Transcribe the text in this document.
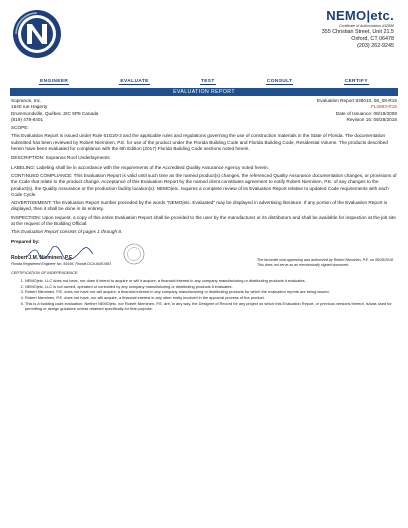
NEMO|etc.
Certificate of Authorization #32888
355 Christian Street, Unit 21.5
Oxford, CT 06478
(203) 262-9245
ENGINEER	EVALUATE	TEST	CONSULT	CERTIFY
EVALUATION REPORT
Sopranos, Inc.
1640 rue Hagerty
Drummondville, Québec J2C 5P8 Canada
(819) 478-8401
Evaluation Report 838010, 08_08-R15
FL2893-R15
Date of Issuance: 08/19/2008
Revision 15: 08/28/2018

SCOPE:

This Evaluation Report is issued under Rule 61G20-3 and the applicable rules and regulations governing the use of construction materials in the State of Florida. The documentation submitted has been reviewed by Robert Nieminen, P.E. for use of the product under the Florida Building Code and Florida Building Code, Residential Volume. The products described herein have been evaluated for compliance with the 6th Edition (2017) Florida Building Code sections noted herein.

DESCRIPTION: Sopranos Roof Underlayments

LABELING: Labeling shall be in accordance with the requirements of the Accredited Quality Assurance Agency noted herein.

CONTINUED COMPLIANCE: This Evaluation Report is valid until such time as the named product(s) changes, the referenced Quality Assurance documentation changes, or provisions of the Code that relate to the product change. Acceptance of this Evaluation Report by the named client constitutes agreement to notify Robert Nieminen, P.E. of any changes to the product(s), the Quality Assurance or the production facility location(s). NEMO|etc. requires a complete review of its Evaluation Report relative to updated Code requirements with each Code Cycle.

ADVERTISEMENT: The Evaluation Report number preceded by the words "NEMO|etc. Evaluated" may be displayed in advertising literature. If any portion of the Evaluation Report is displayed, then it shall be done in its entirety.

INSPECTION: Upon request, a copy of this entire Evaluation Report shall be provided to the user by the manufacturer or its distributors and shall be available for inspection at the job site at the request of the Building Official.

This Evaluation Report consists of pages 1 through 8.

Prepared by:

Robert J.M. Nieminen, P.E.
Florida Registered Engineer No. 59166, Florida DCA ANE1983
The facsimile seal appearing was authorized by Robert Nieminen, P.E. on 08/28/2018. This does not serve as an electronically signed document.

CERTIFICATION OF INDEPENDENCE:

1. NEMO|etc, LLC does not have, nor does it intend to acquire or will it acquire, a financial interest in any company manufacturing or distributing products it evaluates.
2. NEMO|etc, LLC is not owned, operated or controlled by any company manufacturing or distributing products it evaluates.
3. Robert Nieminen, P.E. does not have nor will acquire, a financial interest in any company manufacturing or distributing products for which the evaluation reports are being issued.
4. Robert Nieminen, P.E. does not have, nor will acquire, a financial interest in any other entity involved in the approval process of the product.
5. This is a building code evaluation. Neither NEMO|etc. nor Robert Nieminen, P.E. are, in any way, the Designer of Record for any project on which this Evaluation Report, or previous versions thereof, is/was used for permitting or design guidance unless retained specifically for that purpose.
